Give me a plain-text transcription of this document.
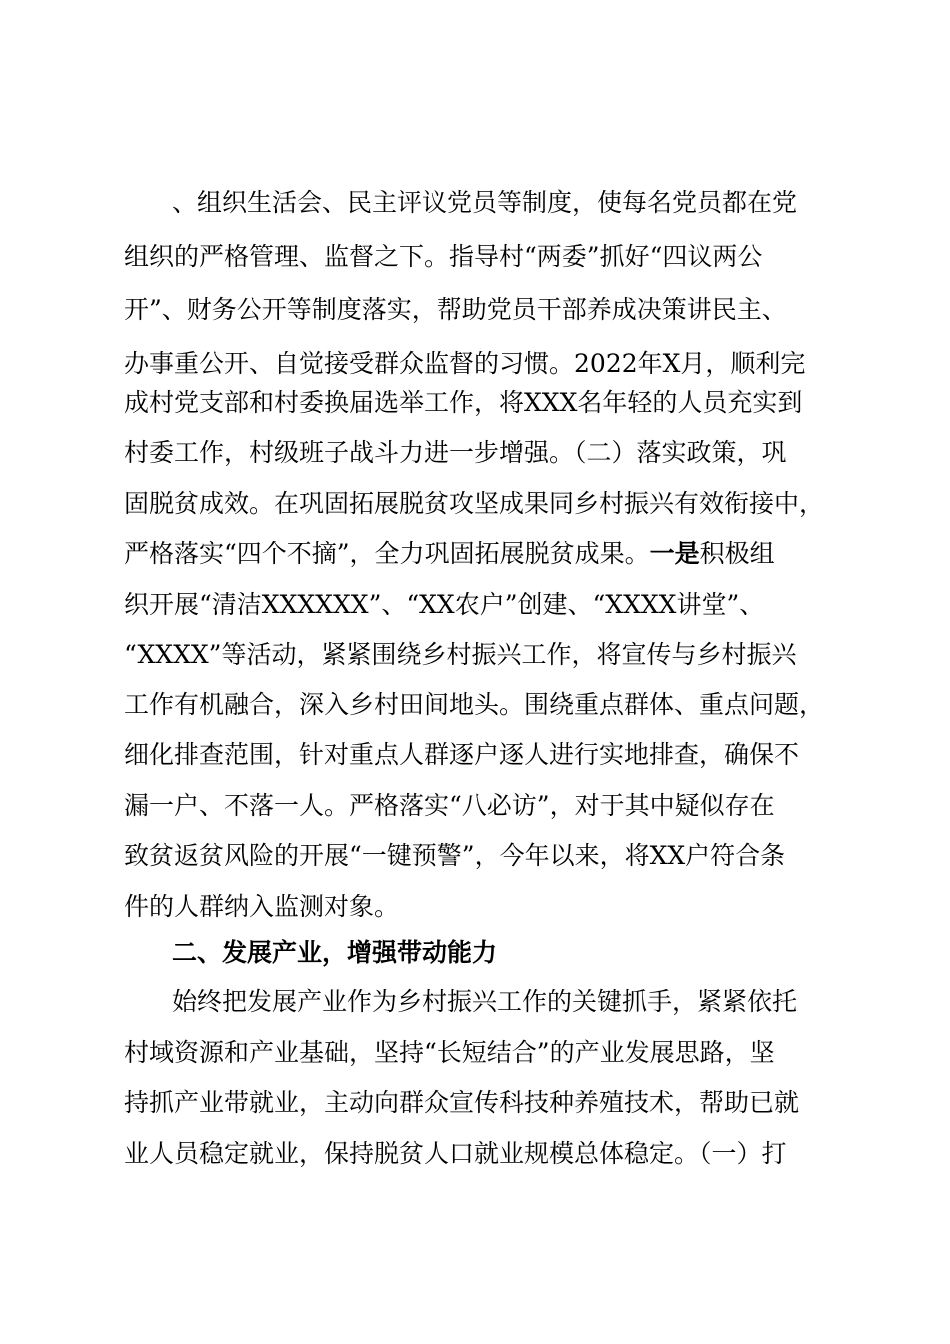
、组织生活会、民主评议党员等制度，使每名党员都在党
组织的严格管理、监督之下。指导村“两委”抓好“四议两公
开”、财务公开等制度落实，帮助党员干部养成决策讲民主、
办事重公开、自觉接受群众监督的习惯。2022年X月，顺利完
成村党支部和村委换届选举工作，将XXX名年轻的人员充实到
村委工作，村级班子战斗力进一步增强。（二）落实政策，巩
固脱贫成效。在巩固拓展脱贫攻坚成果同乡村振兴有效衔接中，
严格落实“四个不摘”，全力巩固拓展脱贫成果。一是积极组
织开展“清洁XXXXXX”、“XX农户”创建、“XXXX讲堂”、
“XXXX”等活动，紧紧围绕乡村振兴工作，将宣传与乡村振兴
工作有机融合，深入乡村田间地头。围绕重点群体、重点问题，
细化排查范围，针对重点人群逐户逐人进行实地排查，确保不
漏一户、不落一人。严格落实“八必访”，对于其中疑似存在
致贫返贫风险的开展“一键预警”，今年以来，将XX户符合条
件的人群纳入监测对象。
二、发展产业，增强带动能力
始终把发展产业作为乡村振兴工作的关键抓手，紧紧依托
村域资源和产业基础，坚持“长短结合”的产业发展思路，坚
持抓产业带就业，主动向群众宣传科技种养殖技术，帮助已就
业人员稳定就业，保持脱贫人口就业规模总体稳定。（一）打
